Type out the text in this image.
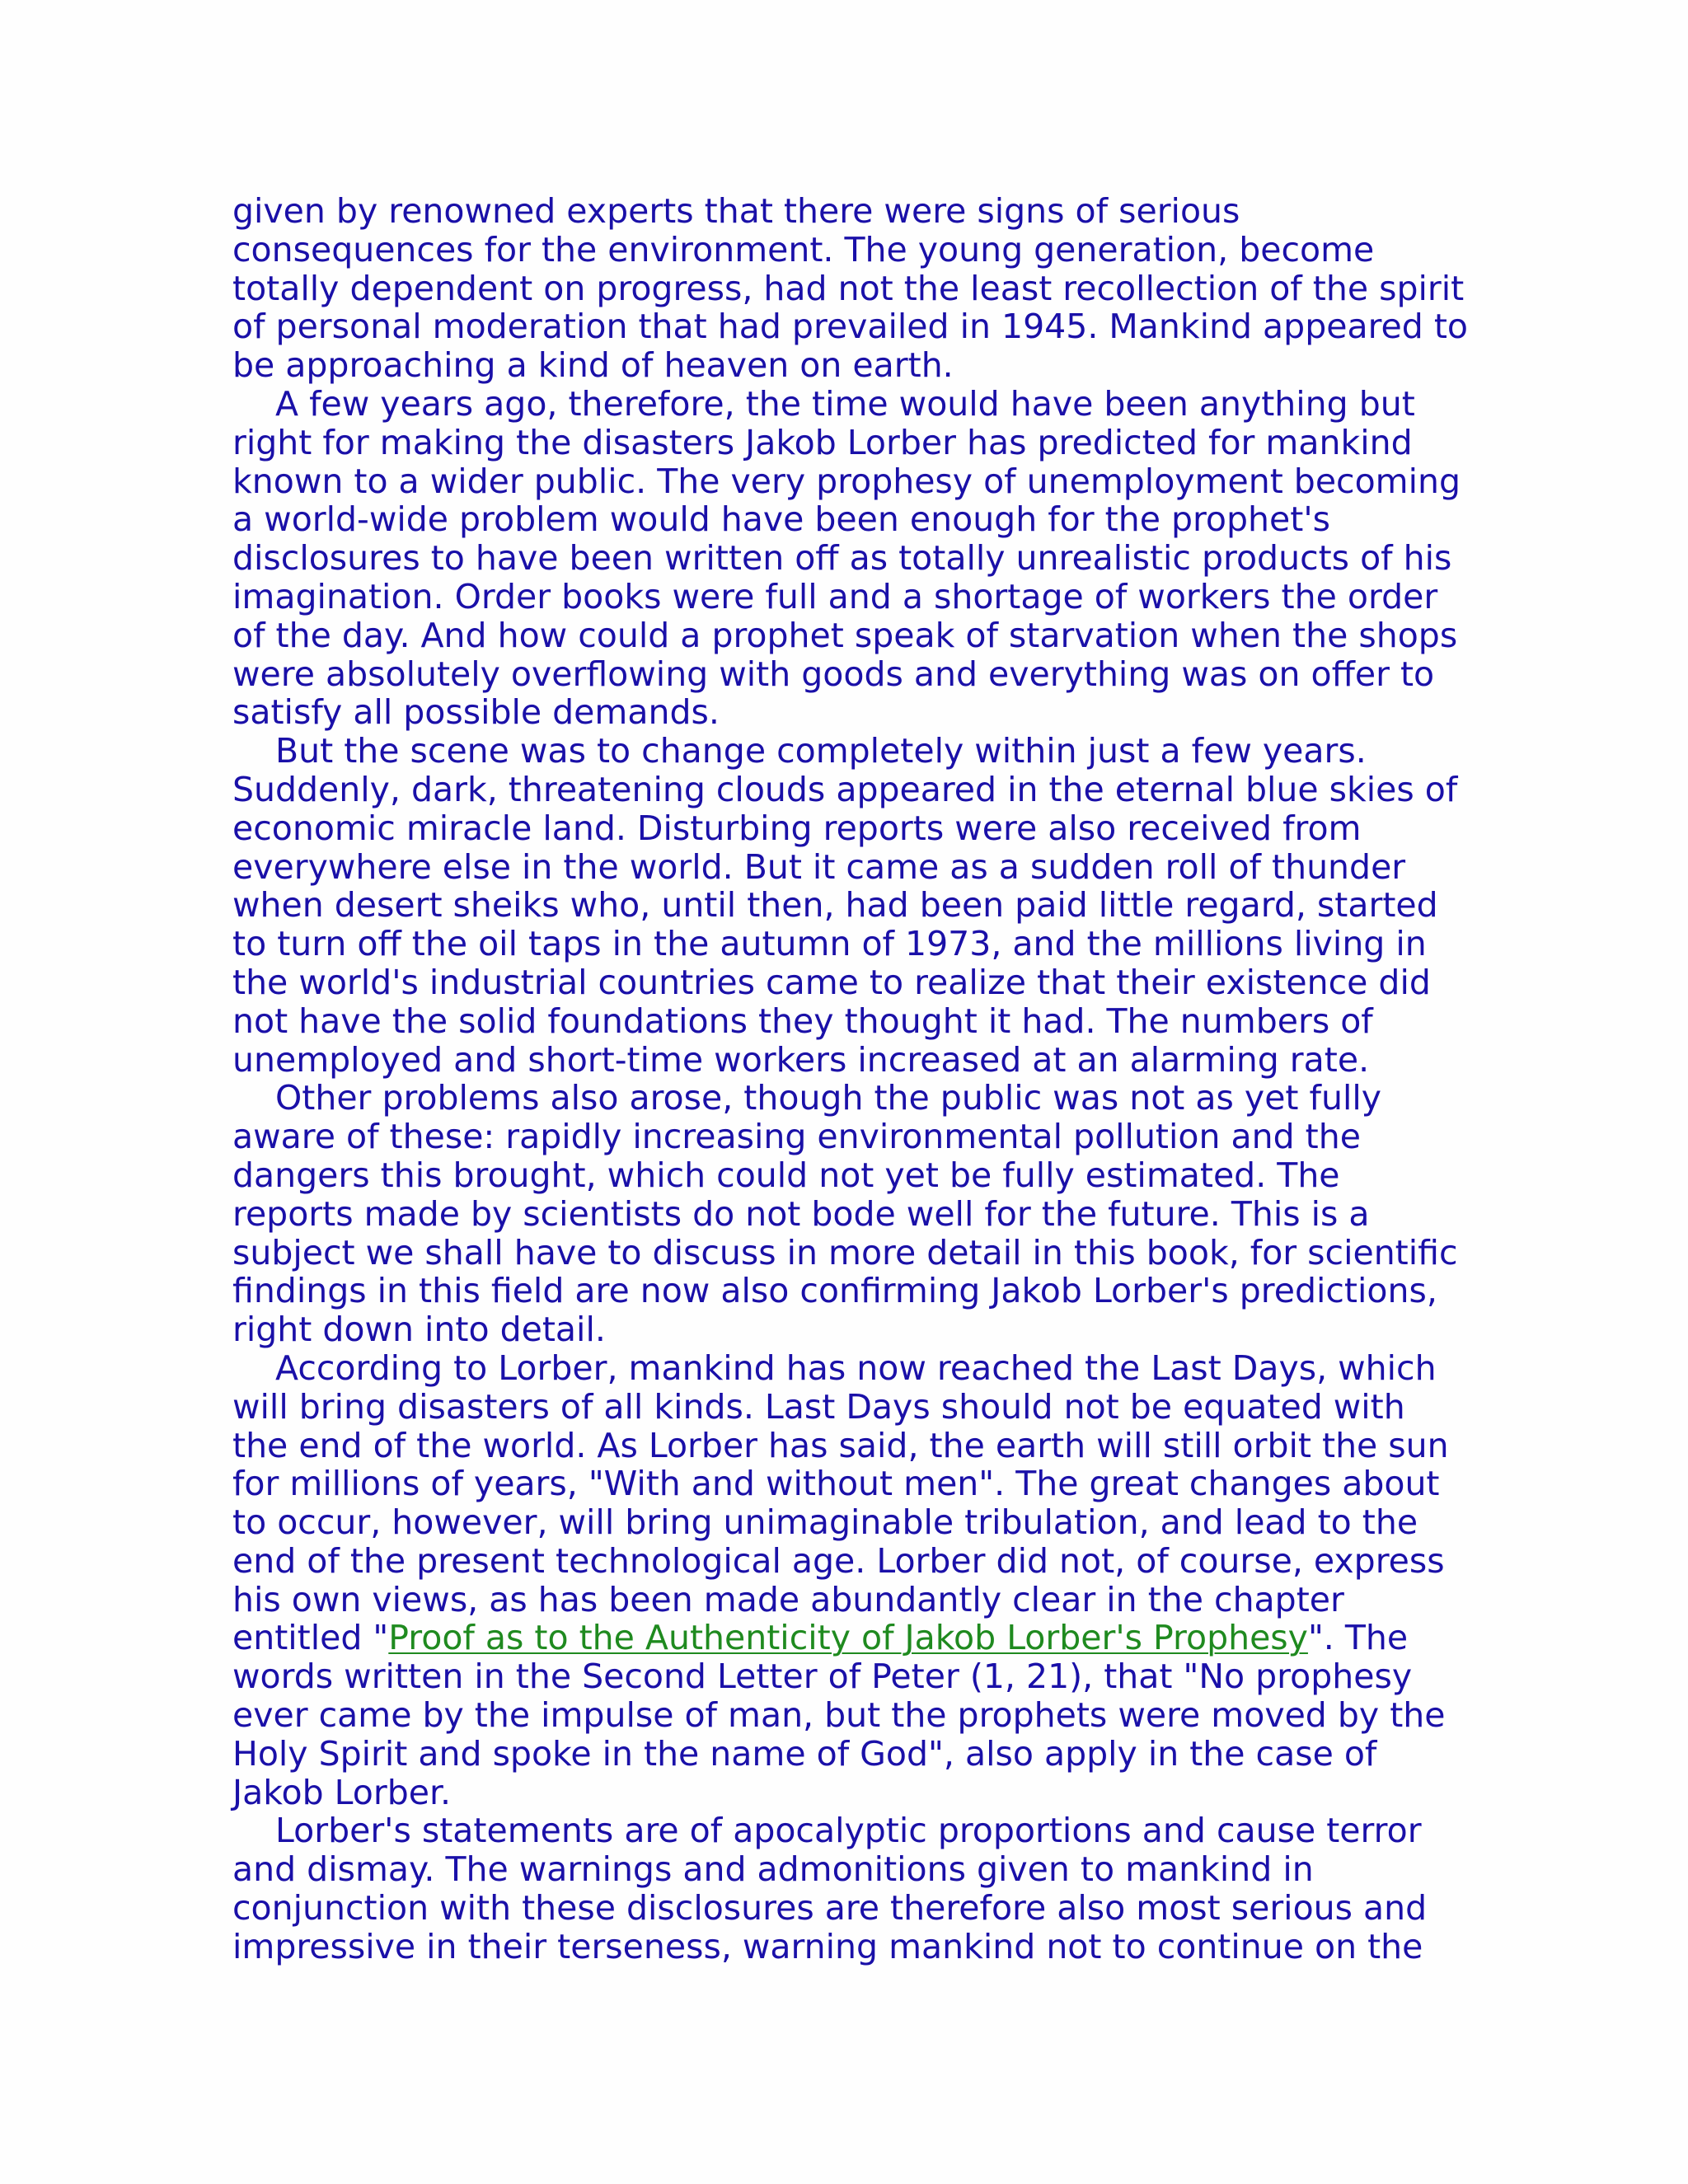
given by renowned experts that there were signs of serious consequences for the environment. The young generation, become totally dependent on progress, had not the least recollection of the spirit of personal moderation that had prevailed in 1945. Mankind appeared to be approaching a kind of heaven on earth.

A few years ago, therefore, the time would have been anything but right for making the disasters Jakob Lorber has predicted for mankind known to a wider public. The very prophesy of unemployment becoming a world-wide problem would have been enough for the prophet's disclosures to have been written off as totally unrealistic products of his imagination. Order books were full and a shortage of workers the order of the day. And how could a prophet speak of starvation when the shops were absolutely overflowing with goods and everything was on offer to satisfy all possible demands.

But the scene was to change completely within just a few years. Suddenly, dark, threatening clouds appeared in the eternal blue skies of economic miracle land. Disturbing reports were also received from everywhere else in the world. But it came as a sudden roll of thunder when desert sheiks who, until then, had been paid little regard, started to turn off the oil taps in the autumn of 1973, and the millions living in the world's industrial countries came to realize that their existence did not have the solid foundations they thought it had. The numbers of unemployed and short-time workers increased at an alarming rate.

Other problems also arose, though the public was not as yet fully aware of these: rapidly increasing environmental pollution and the dangers this brought, which could not yet be fully estimated. The reports made by scientists do not bode well for the future. This is a subject we shall have to discuss in more detail in this book, for scientific findings in this field are now also confirming Jakob Lorber's predictions, right down into detail.

According to Lorber, mankind has now reached the Last Days, which will bring disasters of all kinds. Last Days should not be equated with the end of the world. As Lorber has said, the earth will still orbit the sun for millions of years, "With and without men". The great changes about to occur, however, will bring unimaginable tribulation, and lead to the end of the present technological age. Lorber did not, of course, express his own views, as has been made abundantly clear in the chapter entitled "Proof as to the Authenticity of Jakob Lorber's Prophesy". The words written in the Second Letter of Peter (1, 21), that "No prophesy ever came by the impulse of man, but the prophets were moved by the Holy Spirit and spoke in the name of God", also apply in the case of Jakob Lorber.

Lorber's statements are of apocalyptic proportions and cause terror and dismay. The warnings and admonitions given to mankind in conjunction with these disclosures are therefore also most serious and impressive in their terseness, warning mankind not to continue on the
